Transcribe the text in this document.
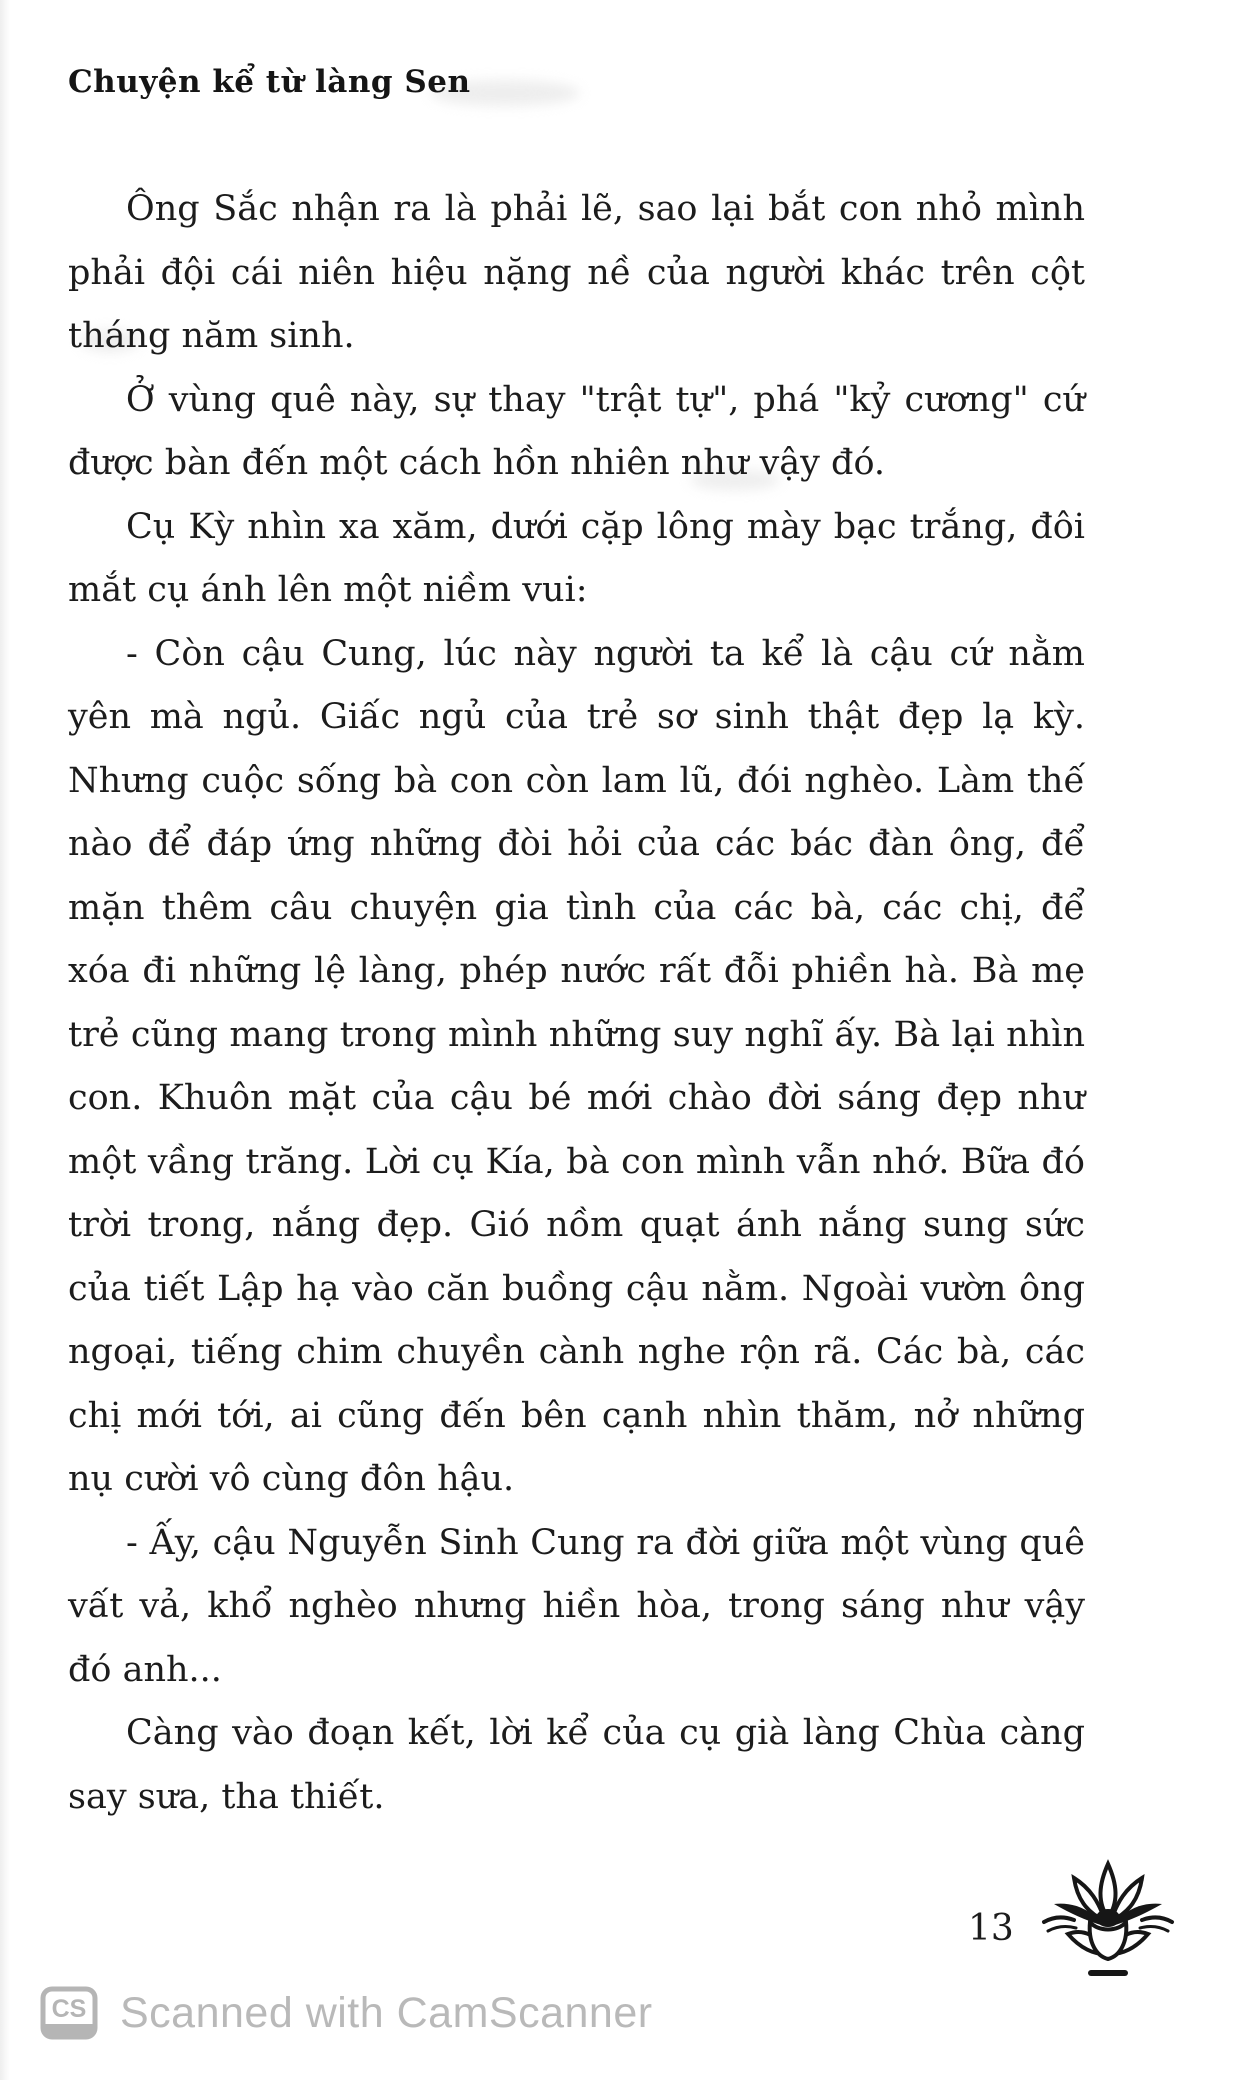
Chuyện kể từ làng Sen

Ông Sắc nhận ra là phải lẽ, sao lại bắt con nhỏ mình phải đội cái niên hiệu nặng nề của người khác trên cột tháng năm sinh.

Ở vùng quê này, sự thay "trật tự", phá "kỷ cương" cứ được bàn đến một cách hồn nhiên như vậy đó.

Cụ Kỳ nhìn xa xăm, dưới cặp lông mày bạc trắng, đôi mắt cụ ánh lên một niềm vui:

- Còn cậu Cung, lúc này người ta kể là cậu cứ nằm yên mà ngủ. Giấc ngủ của trẻ sơ sinh thật đẹp lạ kỳ. Nhưng cuộc sống bà con còn lam lũ, đói nghèo. Làm thế nào để đáp ứng những đòi hỏi của các bác đàn ông, để mặn thêm câu chuyện gia tình của các bà, các chị, để xóa đi những lệ làng, phép nước rất đỗi phiền hà. Bà mẹ trẻ cũng mang trong mình những suy nghĩ ấy. Bà lại nhìn con. Khuôn mặt của cậu bé mới chào đời sáng đẹp như một vầng trăng. Lời cụ Kía, bà con mình vẫn nhớ. Bữa đó trời trong, nắng đẹp. Gió nồm quạt ánh nắng sung sức của tiết Lập hạ vào căn buồng cậu nằm. Ngoài vườn ông ngoại, tiếng chim chuyền cành nghe rộn rã. Các bà, các chị mới tới, ai cũng đến bên cạnh nhìn thăm, nở những nụ cười vô cùng đôn hậu.

- Ấy, cậu Nguyễn Sinh Cung ra đời giữa một vùng quê vất vả, khổ nghèo nhưng hiền hòa, trong sáng như vậy đó anh...

Càng vào đoạn kết, lời kể của cụ già làng Chùa càng say sưa, tha thiết.

13
CS Scanned with CamScanner
